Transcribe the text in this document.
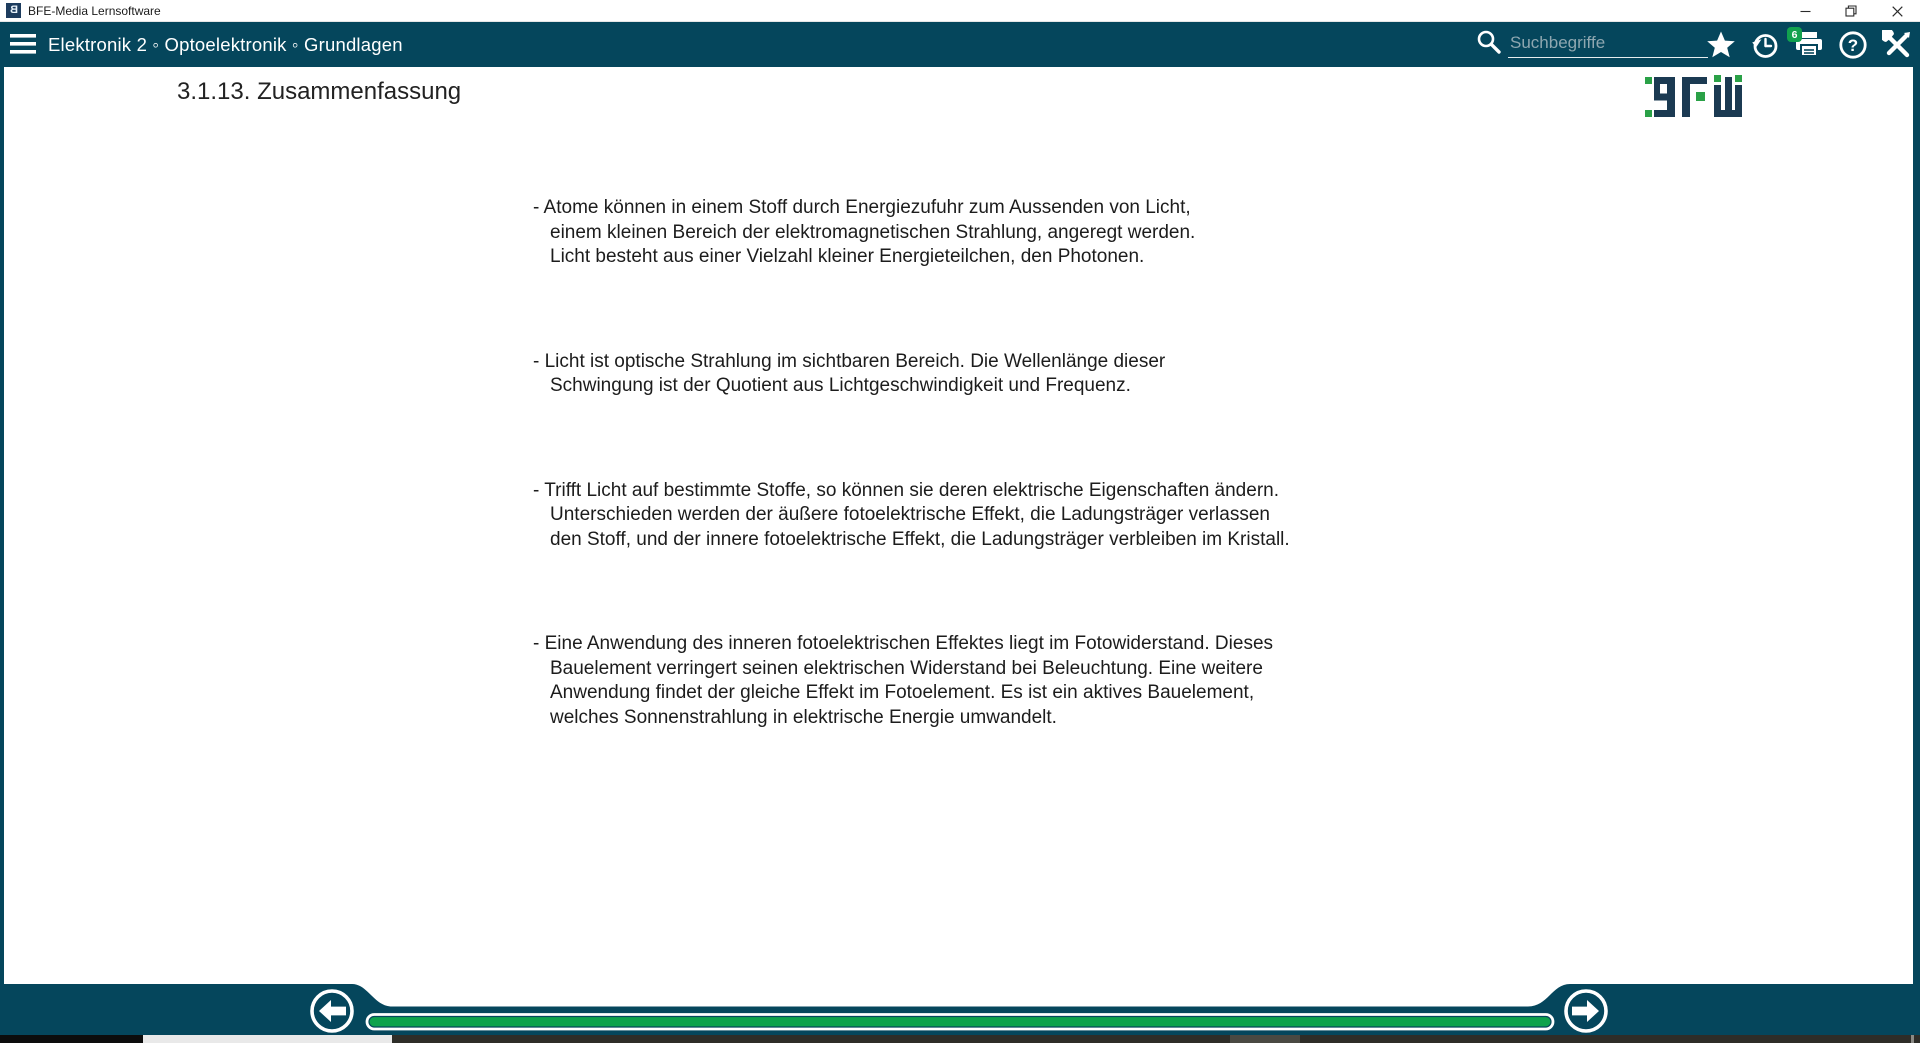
B BFE-Media Lernsoftware
Elektronik 2 ◦ Optoelektronik ◦ Grundlagen
Suchbegriffe	?
6
3.1.13. Zusammenfassung
- Atome können in einem Stoff durch Energiezufuhr zum Aussenden von Licht,
einem kleinen Bereich der elektromagnetischen Strahlung, angeregt werden.
Licht besteht aus einer Vielzahl kleiner Energieteilchen, den Photonen.
- Licht ist optische Strahlung im sichtbaren Bereich. Die Wellenlänge dieser
Schwingung ist der Quotient aus Lichtgeschwindigkeit und Frequenz.
- Trifft Licht auf bestimmte Stoffe, so können sie deren elektrische Eigenschaften ändern.
Unterschieden werden der äußere fotoelektrische Effekt, die Ladungsträger verlassen
den Stoff, und der innere fotoelektrische Effekt, die Ladungsträger verbleiben im Kristall.
- Eine Anwendung des inneren fotoelektrischen Effektes liegt im Fotowiderstand. Dieses
Bauelement verringert seinen elektrischen Widerstand bei Beleuchtung. Eine weitere
Anwendung findet der gleiche Effekt im Fotoelement. Es ist ein aktives Bauelement,
welches Sonnenstrahlung in elektrische Energie umwandelt.
